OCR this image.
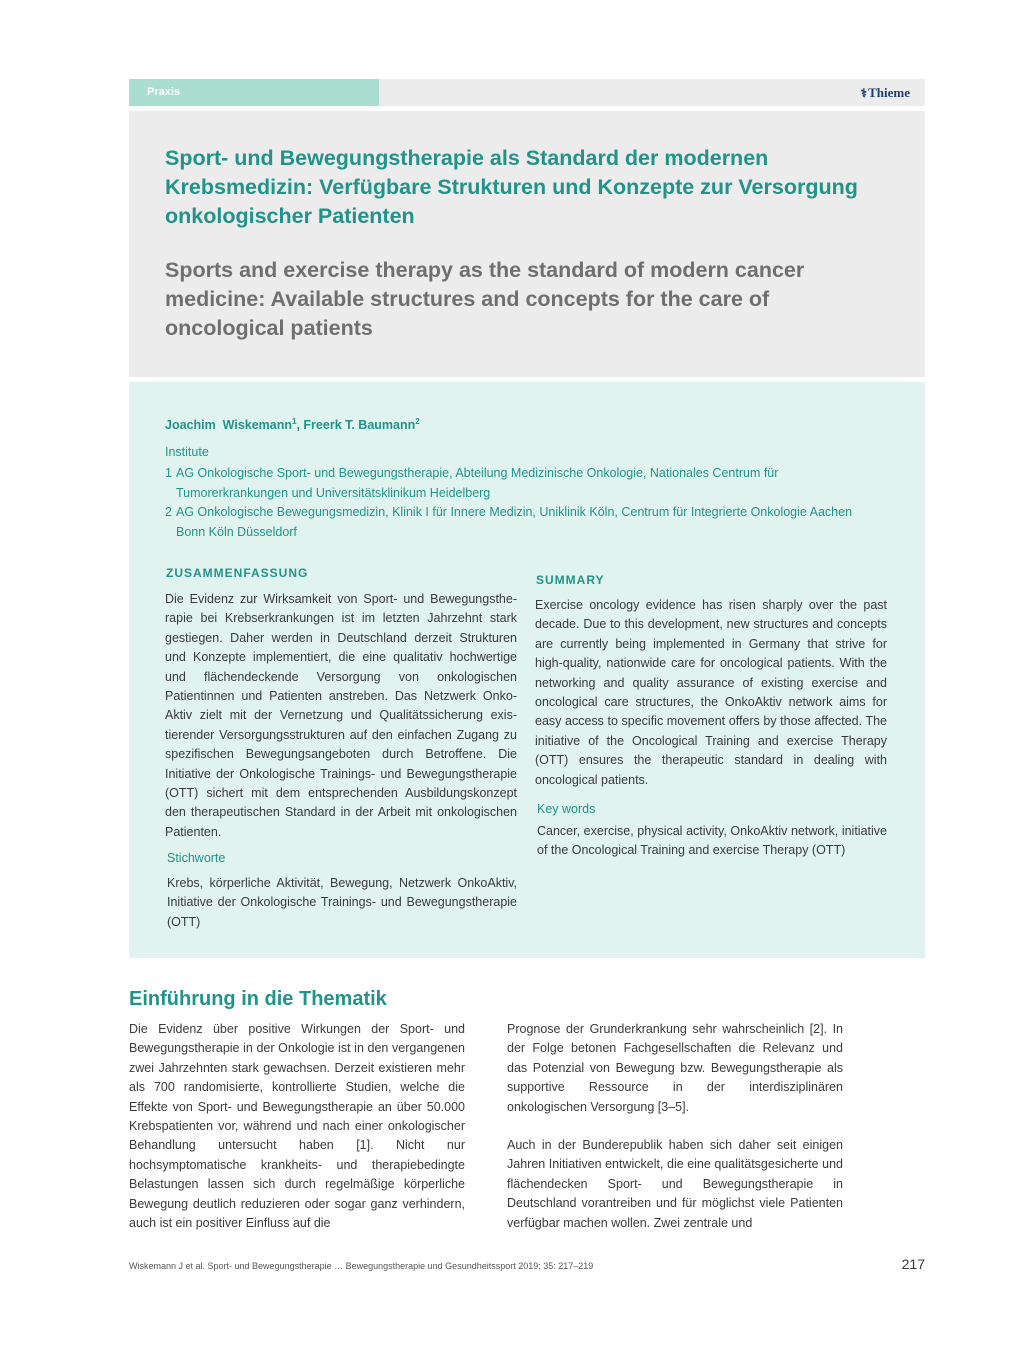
Praxis	⚕Thieme
Sport- und Bewegungstherapie als Standard der modernen Krebsmedizin: Verfügbare Strukturen und Konzepte zur Versorgung onkologischer Patienten
Sports and exercise therapy as the standard of modern cancer medicine: Available structures and concepts for the care of oncological patients
Joachim  Wiskemann$^1$, Freerk T. Baumann$^2$
Institute
1 AG Onkologische Sport- und Bewegungstherapie, Abteilung Medizinische Onkologie, Nationales Centrum für Tumorerkrankungen und Universitätsklinikum Heidelberg
2 AG Onkologische Bewegungsmedizin, Klinik I für Innere Medizin, Uniklinik Köln, Centrum für Integrierte Onkologie Aachen Bonn Köln Düsseldorf
ZUSAMMENFASSUNG
Die Evidenz zur Wirksamkeit von Sport- und Bewegungstherapie bei Krebserkrankungen ist im letzten Jahrzehnt stark gestiegen. Daher werden in Deutschland derzeit Strukturen und Konzepte implementiert, die eine qualitativ hochwertige und flächendeckende Versorgung von onkologischen Patientinnen und Patienten anstreben. Das Netzwerk OnkoAktiv zielt mit der Vernetzung und Qualitätssicherung existierender Versorgungsstrukturen auf den einfachen Zugang zu spezifischen Bewegungsangeboten durch Betroffene. Die Initiative der Onkologische Trainings- und Bewegungstherapie (OTT) sichert mit dem entsprechenden Ausbildungskonzept den therapeutischen Standard in der Arbeit mit onkologischen Patienten.
Stichworte
Krebs, körperliche Aktivität, Bewegung, Netzwerk OnkoAktiv, Initiative der Onkologische Trainings- und Bewegungstherapie (OTT)
SUMMARY
Exercise oncology evidence has risen sharply over the past decade. Due to this development, new structures and concepts are currently being implemented in Germany that strive for high-quality, nationwide care for oncological patients. With the networking and quality assurance of existing exercise and oncological care structures, the OnkoAktiv network aims for easy access to specific movement offers by those affected. The initiative of the Oncological Training and exercise Therapy (OTT) ensures the therapeutic standard in dealing with oncological patients.
Key words
Cancer, exercise, physical activity, OnkoAktiv network, initiative of the Oncological Training and exercise Therapy (OTT)
Einführung in die Thematik

Die Evidenz über positive Wirkungen der Sport- und Bewegungstherapie in der Onkologie ist in den vergangenen zwei Jahrzehnten stark gewachsen. Derzeit existieren mehr als 700 randomisierte, kontrollierte Studien, welche die Effekte von Sport- und Bewegungstherapie an über 50.000 Krebspatienten vor, während und nach einer onkologischer Behandlung untersucht haben [1]. Nicht nur hochsymptomatische krankheits- und therapiebedingte Belastungen lassen sich durch regelmäßige körperliche Bewegung deutlich reduzieren oder sogar ganz verhindern, auch ist ein positiver Einfluss auf die

Prognose der Grunderkrankung sehr wahrscheinlich [2]. In der Folge betonen Fachgesellschaften die Relevanz und das Potenzial von Bewegung bzw. Bewegungstherapie als supportive Ressource in der interdisziplinären onkologischen Versorgung [3–5].

Auch in der Bunderepublik haben sich daher seit einigen Jahren Initiativen entwickelt, die eine qualitätsgesicherte und flächendecken Sport- und Bewegungstherapie in Deutschland vorantreiben und für möglichst viele Patienten verfügbar machen wollen. Zwei zentrale und

Wiskemann J et al. Sport- und Bewegungstherapie … Bewegungstherapie und Gesundheitssport 2019; 35: 217–219	217
